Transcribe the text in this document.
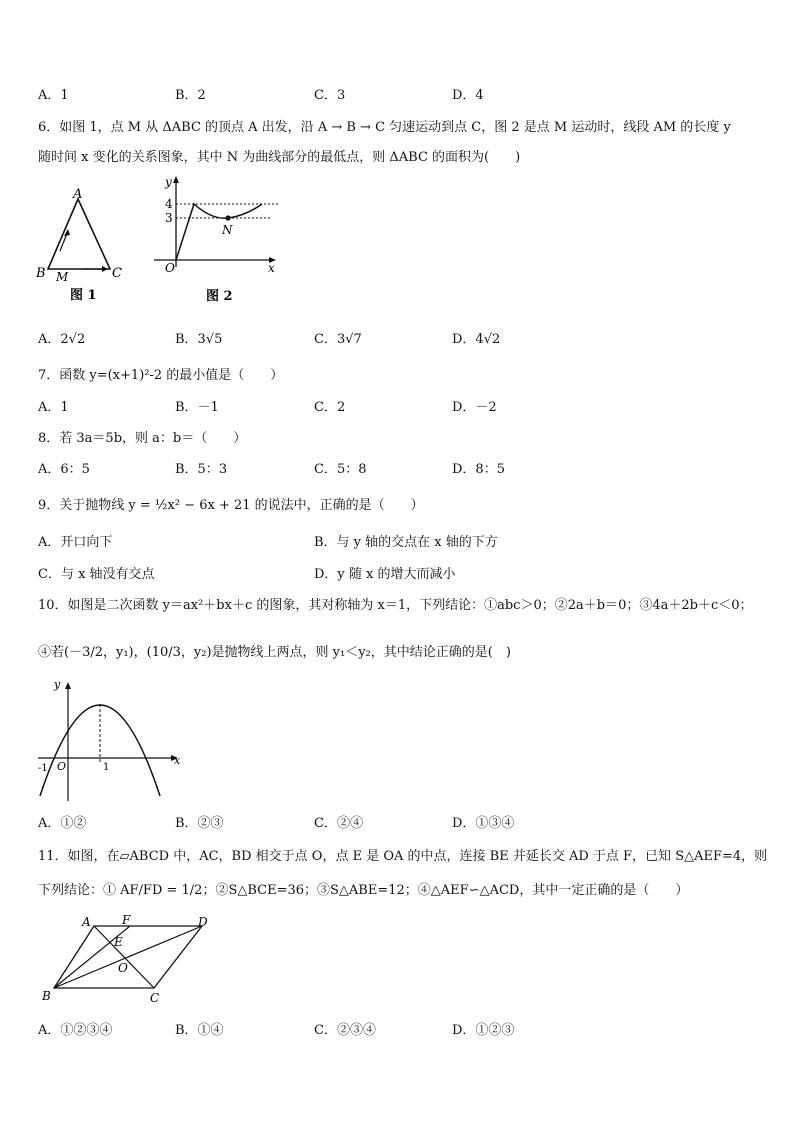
A．1	B．2	C．3	D．4
6．如图 1，点 M 从 ΔABC 的顶点 A 出发，沿 A → B → C 匀速运动到点 C，图 2 是点 M 运动时，线段 AM 的长度 y
随时间 x 变化的关系图象，其中 N 为曲线部分的最低点，则 ΔABC 的面积为(　　)
A
B M	C
图 1
y
4
3
O	x
N
图 2
A．2√2	B．3√5	C．3√7	D．4√2
7．函数 y=(x+1)²-2 的最小值是（　　）
A．1	B．－1	C．2	D．－2
8．若 3a＝5b，则 a：b＝（　　）
A．6：5	B．5：3	C．5：8	D．8：5
9．关于抛物线 y = ½x² − 6x + 21 的说法中，正确的是（　　）
A．开口向下	B．与 y 轴的交点在 x 轴的下方
C．与 x 轴没有交点	D．y 随 x 的增大而减小
10．如图是二次函数 y＝ax²＋bx＋c 的图象，其对称轴为 x＝1，下列结论：①abc＞0；②2a＋b＝0；③4a＋2b＋c＜0；
④若(－3/2，y₁)，(10/3，y₂)是抛物线上两点，则 y₁＜y₂，其中结论正确的是(　)
y
x
-1 O	1
A．①②	B．②③	C．②④	D．①③④
11．如图，在▱ABCD 中，AC，BD 相交于点 O，点 E 是 OA 的中点，连接 BE 并延长交 AD 于点 F，已知 S△AEF=4，则
下列结论：① AF/FD = 1/2；②S△BCE=36；③S△ABE=12；④△AEF∽△ACD，其中一定正确的是（　　）
A	F	D
E
O
B	C
A．①②③④	B．①④	C．②③④	D．①②③
